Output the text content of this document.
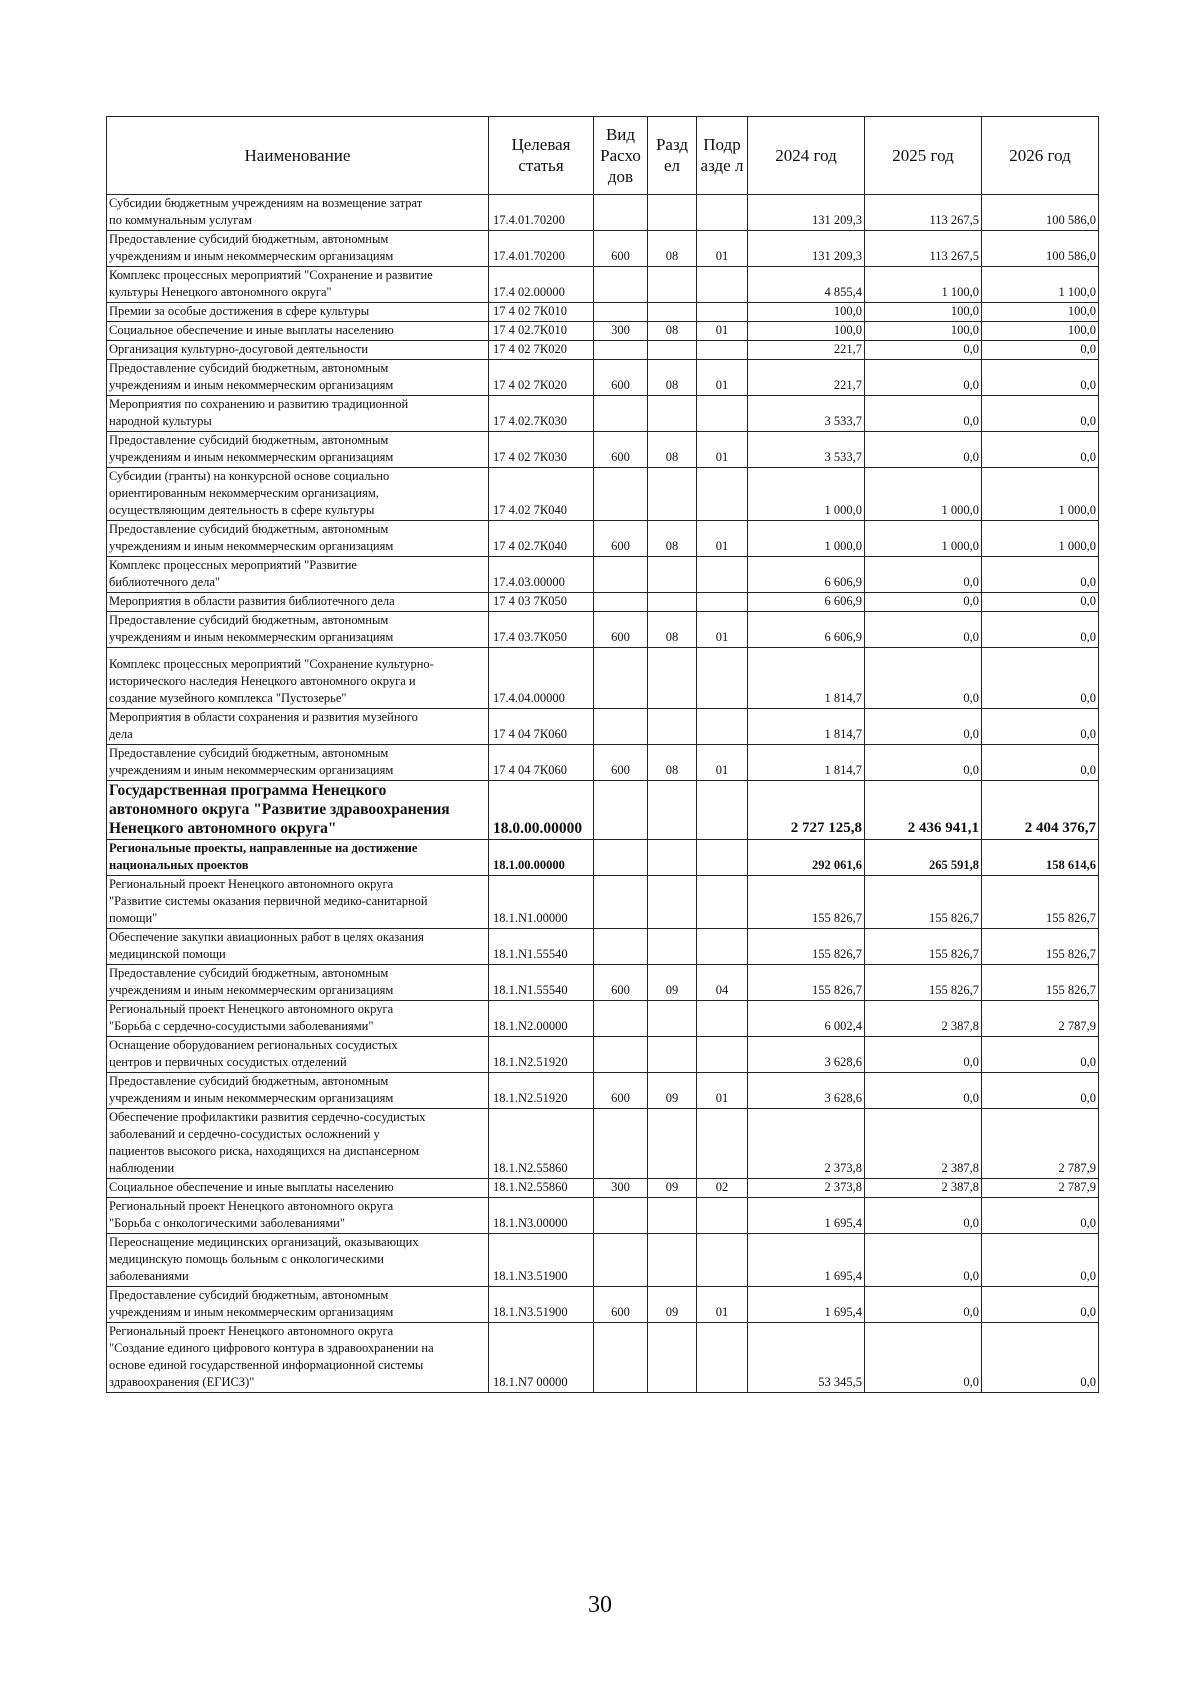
Наименование	Целевая статья	Вид Расхо дов	Разд ел	Подр азде л	2024 год	2025 год	2026 год
Субсидии бюджетным учреждениям на возмещение затрат
по коммунальным услугам	17.4.01.70200				131 209,3	113 267,5	100 586,0
Предоставление субсидий бюджетным, автономным
учреждениям и иным некоммерческим организациям	17.4.01.70200	600	08	01	131 209,3	113 267,5	100 586,0
Комплекс процессных мероприятий "Сохранение и развитие
культуры Ненецкого автономного округа"	17.4 02.00000				4 855,4	1 100,0	1 100,0
Премии за особые достижения в сфере культуры	17 4 02 7К010				100,0	100,0	100,0
Социальное обеспечение и иные выплаты населению	17 4 02.7К010	300	08	01	100,0	100,0	100,0
Организация культурно-досуговой деятельности	17 4 02 7К020				221,7	0,0	0,0
Предоставление субсидий бюджетным, автономным
учреждениям и иным некоммерческим организациям	17 4 02 7К020	600	08	01	221,7	0,0	0,0
Мероприятия по сохранению и развитию традиционной
народной культуры	17 4.02.7К030				3 533,7	0,0	0,0
Предоставление субсидий бюджетным, автономным
учреждениям и иным некоммерческим организациям	17 4 02 7К030	600	08	01	3 533,7	0,0	0,0
Субсидии (гранты) на конкурсной основе социально
ориентированным некоммерческим организациям,
осуществляющим деятельность в сфере культуры	17 4.02 7К040				1 000,0	1 000,0	1 000,0
Предоставление субсидий бюджетным, автономным
учреждениям и иным некоммерческим организациям	17 4 02.7К040	600	08	01	1 000,0	1 000,0	1 000,0
Комплекс процессных мероприятий "Развитие
библиотечного дела"	17.4.03.00000				6 606,9	0,0	0,0
Мероприятия в области развития библиотечного дела	17 4 03 7К050				6 606,9	0,0	0,0
Предоставление субсидий бюджетным, автономным
учреждениям и иным некоммерческим организациям	17.4 03.7К050	600	08	01	6 606,9	0,0	0,0
Комплекс процессных мероприятий "Сохранение культурно-
исторического наследия Ненецкого автономного округа и
создание музейного комплекса "Пустозерье"	17.4.04.00000				1 814,7	0,0	0,0
Мероприятия в области сохранения и развития музейного
дела	17 4 04 7К060				1 814,7	0,0	0,0
Предоставление субсидий бюджетным, автономным
учреждениям и иным некоммерческим организациям	17 4 04 7К060	600	08	01	1 814,7	0,0	0,0
Государственная программа Ненецкого
автономного округа "Развитие здравоохранения
Ненецкого автономного округа"	18.0.00.00000				2 727 125,8	2 436 941,1	2 404 376,7
Региональные проекты, направленные на достижение
национальных проектов	18.1.00.00000				292 061,6	265 591,8	158 614,6
Региональный проект Ненецкого автономного округа
"Развитие системы оказания первичной медико-санитарной
помощи"	18.1.N1.00000				155 826,7	155 826,7	155 826,7
Обеспечение закупки авиационных работ в целях оказания
медицинской помощи	18.1.N1.55540				155 826,7	155 826,7	155 826,7
Предоставление субсидий бюджетным, автономным
учреждениям и иным некоммерческим организациям	18.1.N1.55540	600	09	04	155 826,7	155 826,7	155 826,7
Региональный проект Ненецкого автономного округа
"Борьба с сердечно-сосудистыми заболеваниями"	18.1.N2.00000				6 002,4	2 387,8	2 787,9
Оснащение оборудованием региональных сосудистых
центров и первичных сосудистых отделений	18.1.N2.51920				3 628,6	0,0	0,0
Предоставление субсидий бюджетным, автономным
учреждениям и иным некоммерческим организациям	18.1.N2.51920	600	09	01	3 628,6	0,0	0,0
Обеспечение профилактики развития сердечно-сосудистых
заболеваний и сердечно-сосудистых осложнений у
пациентов высокого риска, находящихся на диспансерном
наблюдении	18.1.N2.55860				2 373,8	2 387,8	2 787,9
Социальное обеспечение и иные выплаты населению	18.1.N2.55860	300	09	02	2 373,8	2 387,8	2 787,9
Региональный проект Ненецкого автономного округа
"Борьба с онкологическими заболеваниями"	18.1.N3.00000				1 695,4	0,0	0,0
Переоснащение медицинских организаций, оказывающих
медицинскую помощь больным с онкологическими
заболеваниями	18.1.N3.51900				1 695,4	0,0	0,0
Предоставление субсидий бюджетным, автономным
учреждениям и иным некоммерческим организациям	18.1.N3.51900	600	09	01	1 695,4	0,0	0,0
Региональный проект Ненецкого автономного округа
"Создание единого цифрового контура в здравоохранении на
основе единой государственной информационной системы
здравоохранения (ЕГИСЗ)"	18.1.N7 00000				53 345,5	0,0	0,0
30
